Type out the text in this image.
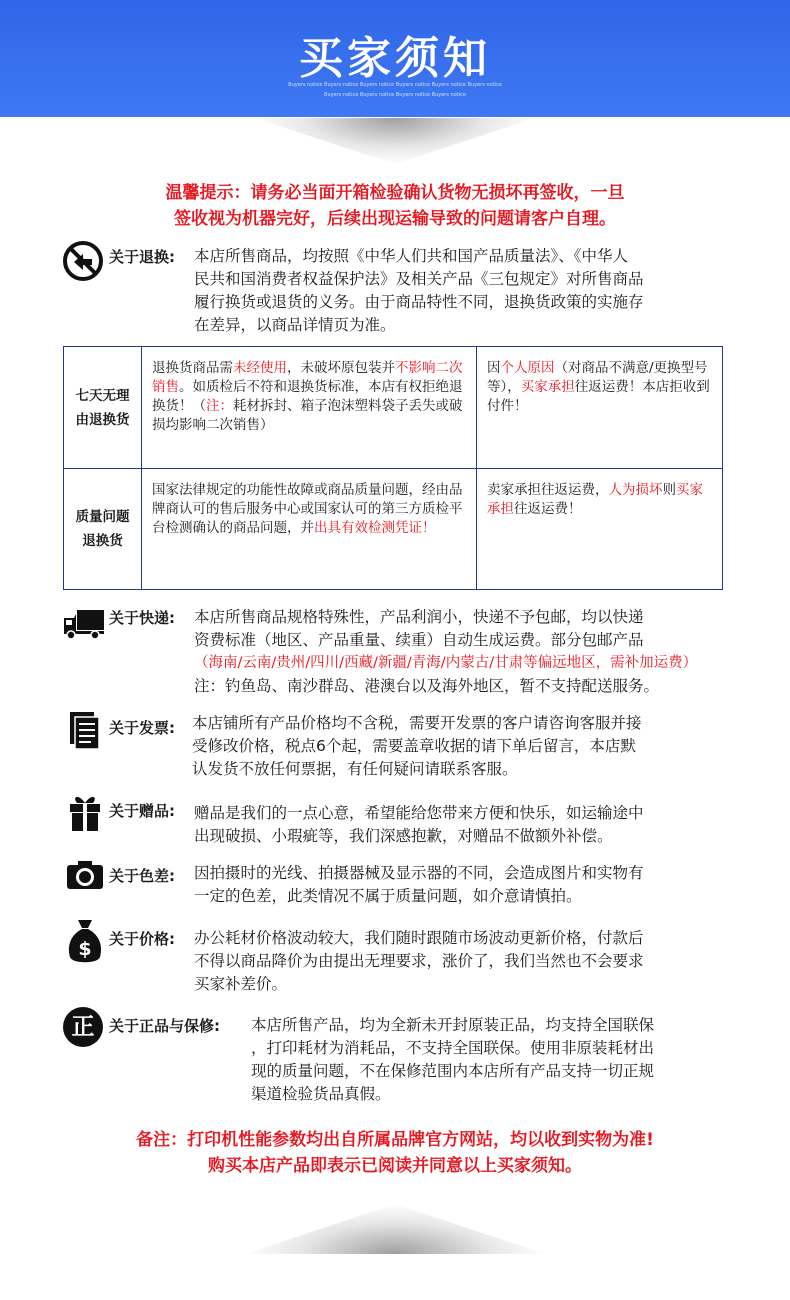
买家须知
Buyers notice Buyers notice Buyers notice Buyers notice Buyers notice Buyers notice
Buyers notice Buyers notice Buyers notice Buyers notice
温馨提示：请务必当面开箱检验确认货物无损坏再签收，一旦
签收视为机器完好，后续出现运输导致的问题请客户自理。
关于退换: 本店所售商品，均按照《中华人们共和国产品质量法》、《中华人
民共和国消费者权益保护法》及相关产品《三包规定》对所售商品
履行换货或退货的义务。由于商品特性不同，退换货政策的实施存
在差异，以商品详情页为准。
七天无理
由退换货	退换货商品需未经使用，未破坏原包装并不影响二次销售。如质检后不符和退换货标准，本店有权拒绝退换货！（注：耗材拆封、箱子泡沫塑料袋子丢失或破损均影响二次销售）	因个人原因（对商品不满意/更换型号等），买家承担往返运费！本店拒收到付件！

质量问题
退换货	国家法律规定的功能性故障或商品质量问题，经由品牌商认可的售后服务中心或国家认可的第三方质检平台检测确认的商品问题，并出具有效检测凭证！	卖家承担往返运费，人为损坏则买家承担往返运费！
关于快递: 本店所售商品规格特殊性，产品利润小，快递不予包邮，均以快递
资费标准（地区、产品重量、续重）自动生成运费。部分包邮产品
（海南/云南/贵州/四川/西藏/新疆/青海/内蒙古/甘肃等偏远地区，需补加运费）
注：钓鱼岛、南沙群岛、港澳台以及海外地区，暂不支持配送服务。
关于发票: 本店铺所有产品价格均不含税，需要开发票的客户请咨询客服并接
受修改价格，税点6个起，需要盖章收据的请下单后留言，本店默
认发货不放任何票据，有任何疑问请联系客服。
关于赠品: 赠品是我们的一点心意，希望能给您带来方便和快乐，如运输途中
出现破损、小瑕疵等，我们深感抱歉，对赠品不做额外补偿。
关于色差: 因拍摄时的光线、拍摄器械及显示器的不同，会造成图片和实物有
一定的色差，此类情况不属于质量问题，如介意请慎拍。
$ 关于价格: 办公耗材价格波动较大，我们随时跟随市场波动更新价格，付款后
不得以商品降价为由提出无理要求，涨价了，我们当然也不会要求
买家补差价。
正 关于正品与保修: 本店所售产品，均为全新未开封原装正品，均支持全国联保
，打印耗材为消耗品，不支持全国联保。使用非原装耗材出
现的质量问题，不在保修范围内本店所有产品支持一切正规
渠道检验货品真假。
备注：打印机性能参数均出自所属品牌官方网站，均以收到实物为准!
购买本店产品即表示已阅读并同意以上买家须知。
